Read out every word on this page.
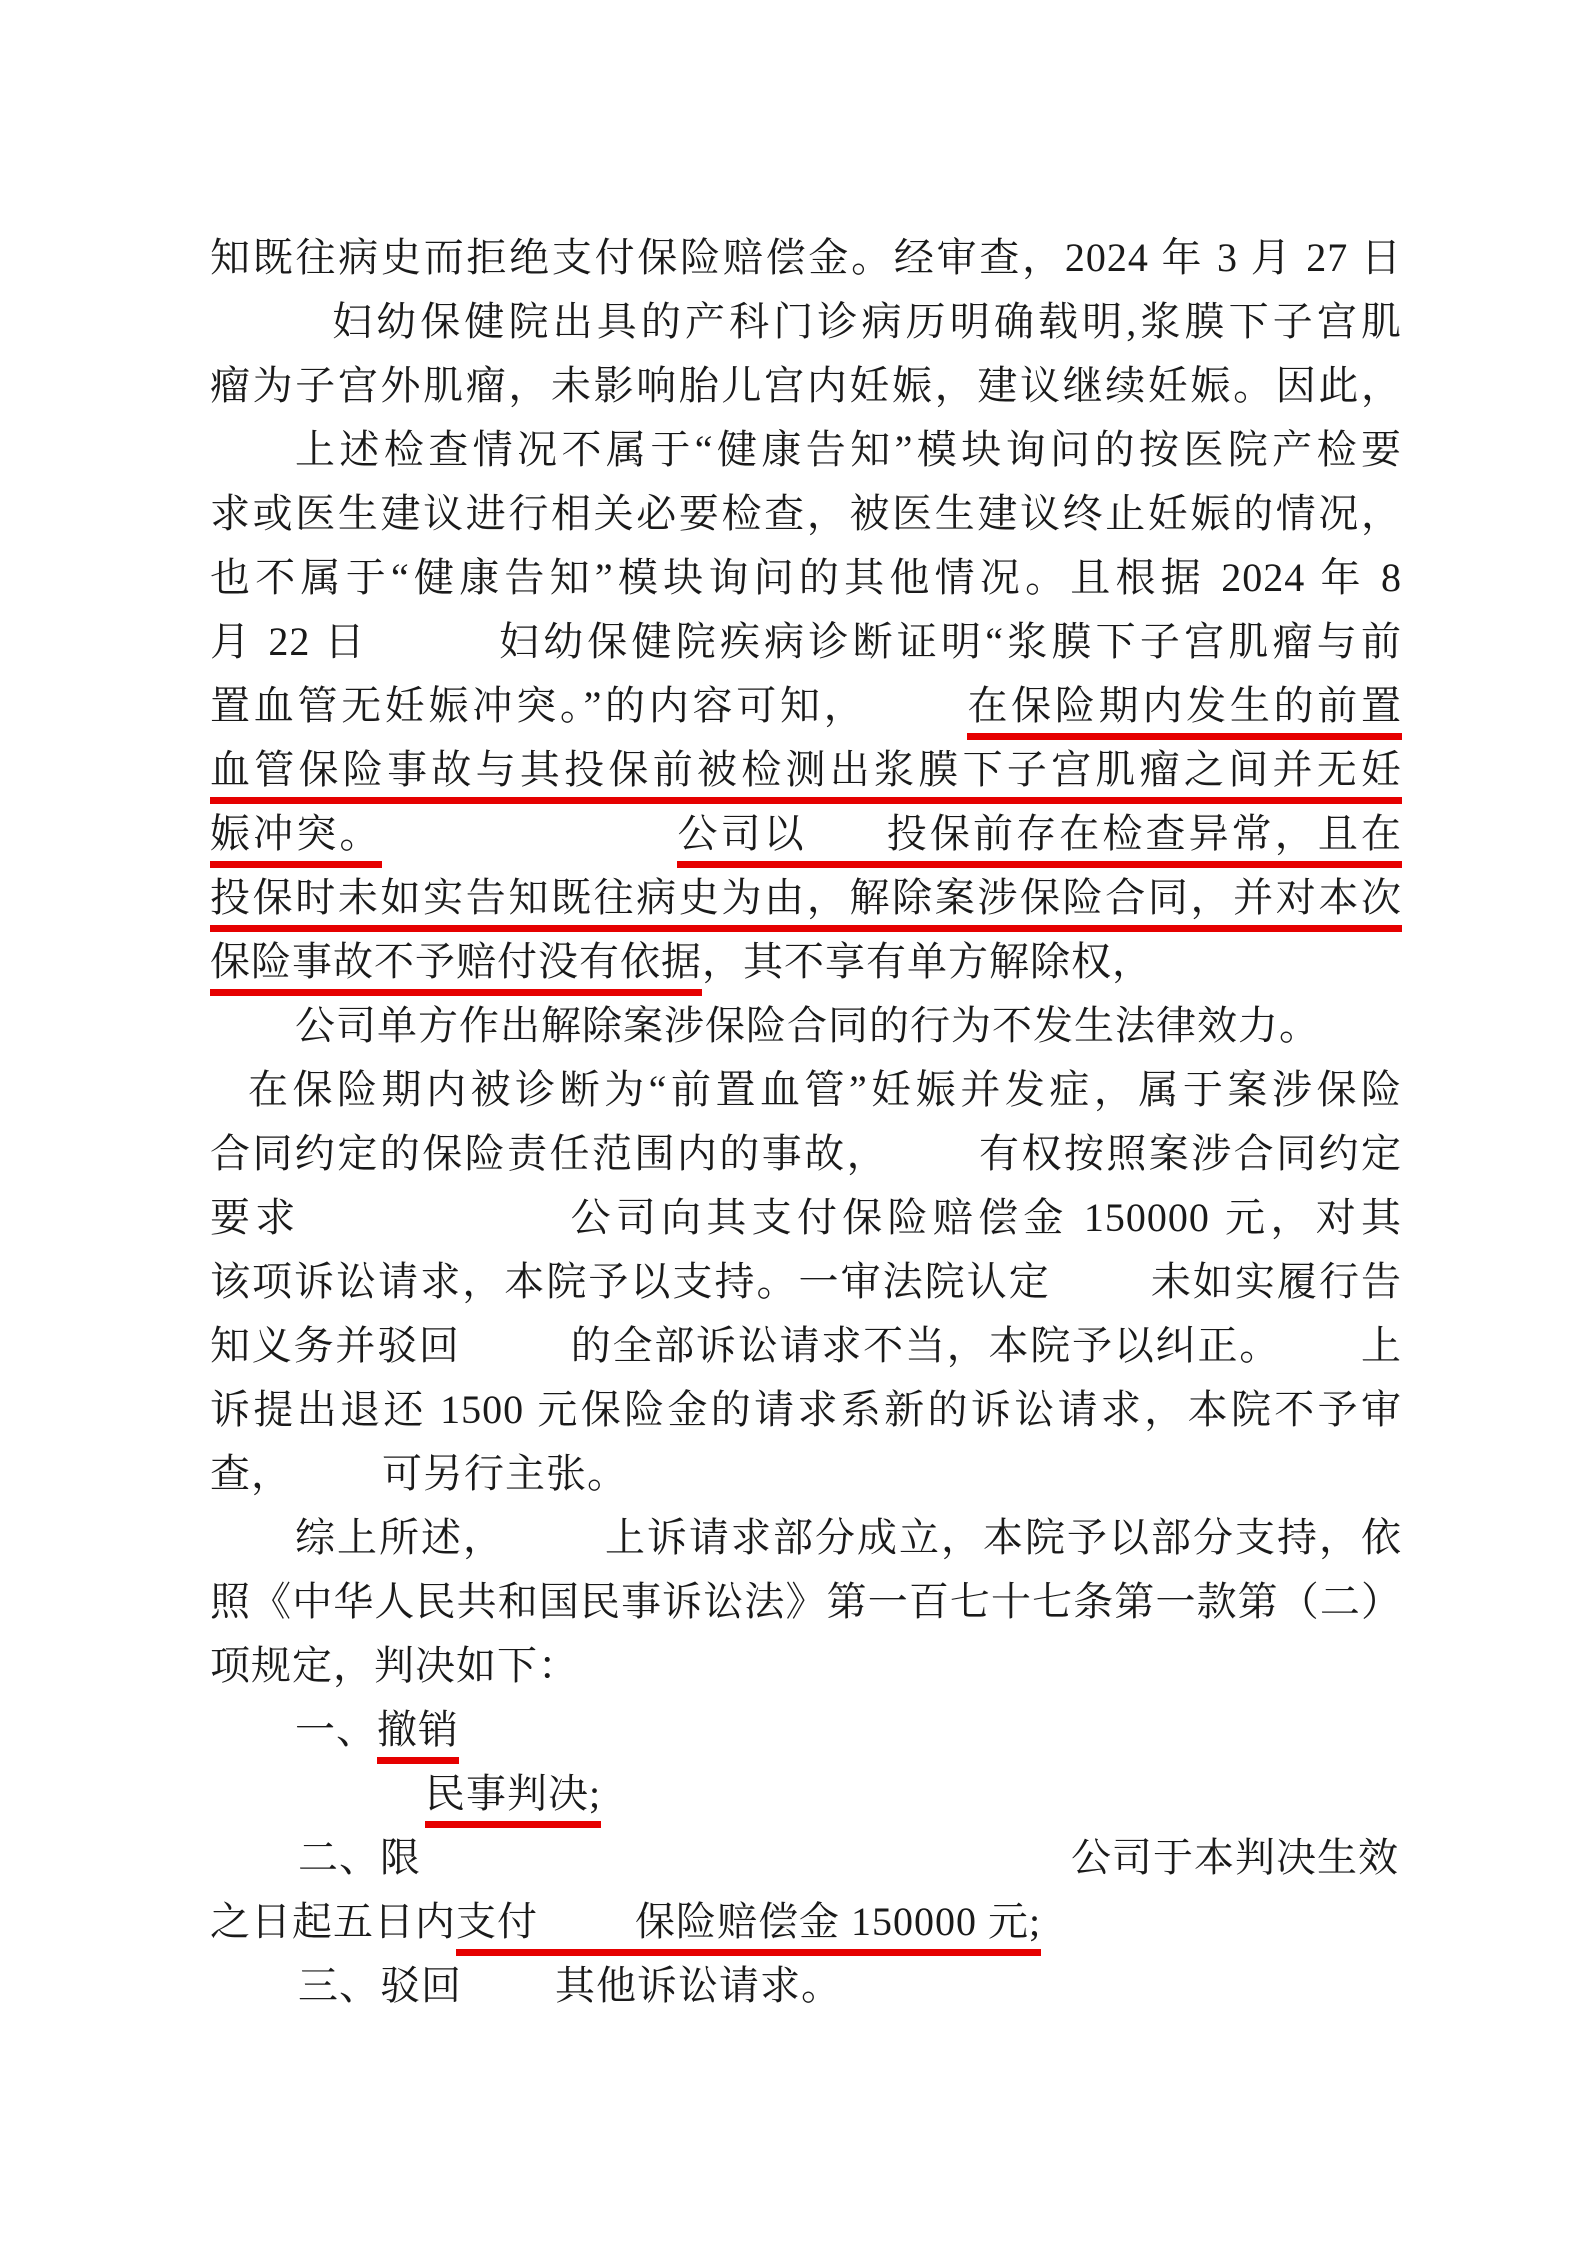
知既往病史而拒绝支付保险赔偿金。经审查，2024 年 3 月 27 日
妇幼保健院出具的产科门诊病历明确载明,浆膜下子宫肌
瘤为子宫外肌瘤，未影响胎儿宫内妊娠，建议继续妊娠。因此，
上述检查情况不属于“健康告知”模块询问的按医院产检要
求或医生建议进行相关必要检查，被医生建议终止妊娠的情况，
也不属于“健康告知”模块询问的其他情况。且根据 2024 年 8
月 22 日	妇幼保健院疾病诊断证明“浆膜下子宫肌瘤与前
置血管无妊娠冲突。”的内容可知，	在保险期内发生的前置
血管保险事故与其投保前被检测出浆膜下子宫肌瘤之间并无妊
娠冲突。	公司以 投保前存在检查异常，且在
投保时未如实告知既往病史为由，解除案涉保险合同，并对本次
保险事故不予赔付没有依据，其不享有单方解除权，
公司单方作出解除案涉保险合同的行为不发生法律效力。
在保险期内被诊断为“前置血管”妊娠并发症，属于案涉保险
合同约定的保险责任范围内的事故， 有权按照案涉合同约定
要求	公司向其支付保险赔偿金 150000 元，对其
该项诉讼请求，本院予以支持。一审法院认定	未如实履行告
知义务并驳回	的全部诉讼请求不当，本院予以纠正。 上
诉提出退还 1500 元保险金的请求系新的诉讼请求，本院不予审
查， 可另行主张。
综上所述，	上诉请求部分成立，本院予以部分支持，依
照《中华人民共和国民事诉讼法》第一百七十七条第一款第（二）
项规定，判决如下：
一、撤销
民事判决;
二、限	公司于本判决生效
之日起五日内支付 保险赔偿金 150000 元;
三、驳回 其他诉讼请求。
